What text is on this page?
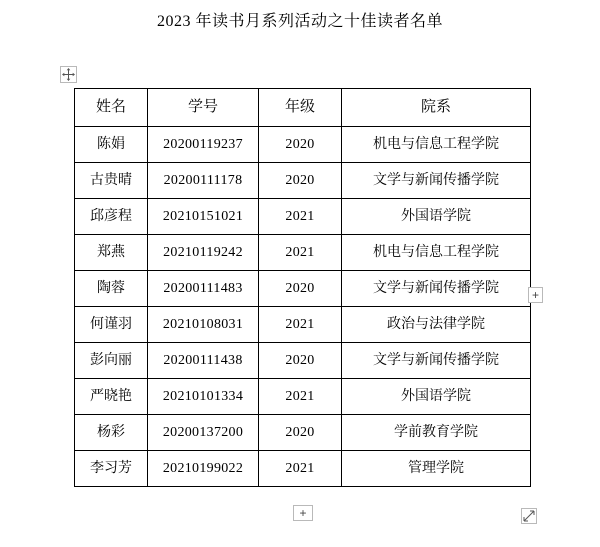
2023 年读书月系列活动之十佳读者名单
姓名	学号	年级	院系
陈娟	20200119237	2020	机电与信息工程学院
古贵晴	20200111178	2020	文学与新闻传播学院
邱彦程	20210151021	2021	外国语学院
郑燕	20210119242	2021	机电与信息工程学院
陶蓉	20200111483	2020	文学与新闻传播学院
何谨羽	20210108031	2021	政治与法律学院
彭向丽	20200111438	2020	文学与新闻传播学院
严晓艳	20210101334	2021	外国语学院
杨彩	20200137200	2020	学前教育学院
李习芳	20210199022	2021	管理学院
+
+
